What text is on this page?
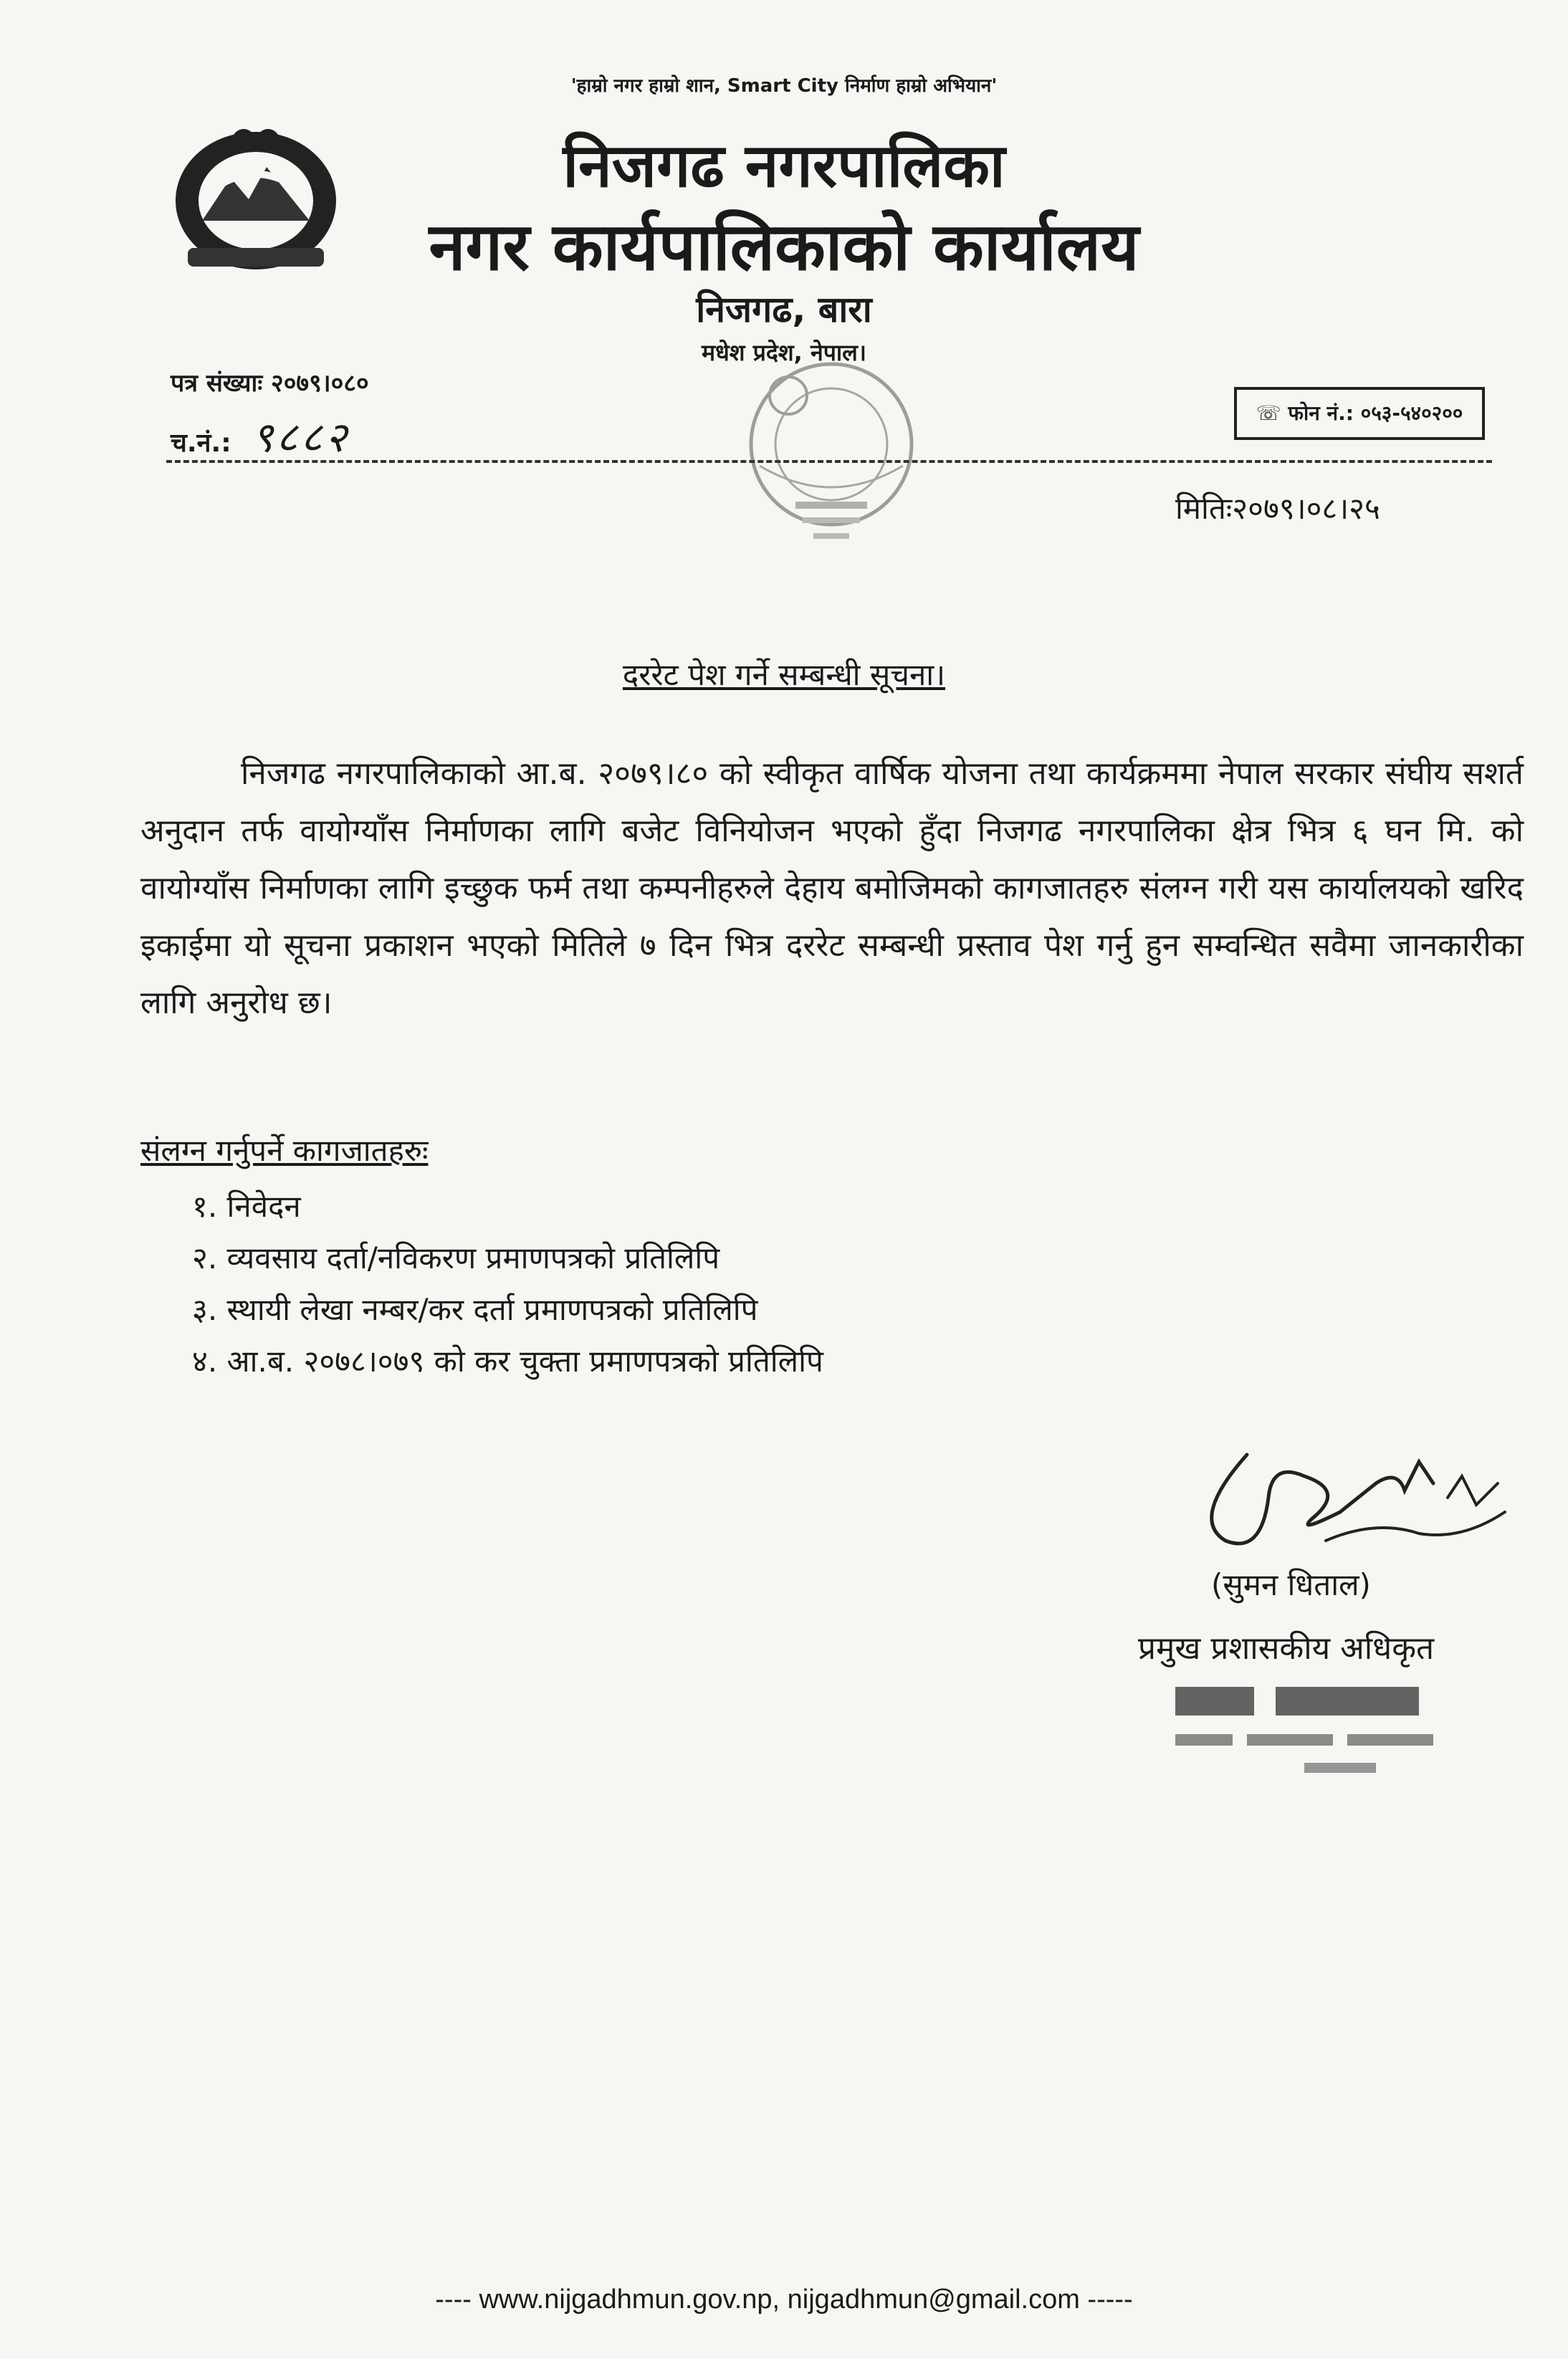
'हाम्रो नगर हाम्रो शान, Smart City निर्माण हाम्रो अभियान'
निजगढ नगरपालिका
नगर कार्यपालिकाको कार्यालय
निजगढ, बारा
मधेश प्रदेश, नेपाल।
पत्र संख्याः २०७९।०८०
च.नं.: ९८८२	☏ फोन नं.: ०५३-५४०२००
मितिः२०७९।०८।२५
दररेट पेश गर्ने सम्बन्धी सूचना।
निजगढ नगरपालिकाको आ.ब. २०७९।८० को स्वीकृत वार्षिक योजना तथा कार्यक्रममा नेपाल सरकार संघीय सशर्त अनुदान तर्फ वायोग्याँस निर्माणका लागि बजेट विनियोजन भएको हुँदा निजगढ नगरपालिका क्षेत्र भित्र ६ घन मि. को वायोग्याँस निर्माणका लागि इच्छुक फर्म तथा कम्पनीहरुले देहाय बमोजिमको कागजातहरु संलग्न गरी यस कार्यालयको खरिद इकाईमा यो सूचना प्रकाशन भएको मितिले ७ दिन भित्र दररेट सम्बन्धी प्रस्ताव पेश गर्नु हुन सम्वन्धित सवैमा जानकारीका लागि अनुरोध छ।
संलग्न गर्नुपर्ने कागजातहरुः
१. निवेदन
२. व्यवसाय दर्ता/नविकरण प्रमाणपत्रको प्रतिलिपि
३. स्थायी लेखा नम्बर/कर दर्ता प्रमाणपत्रको प्रतिलिपि
४. आ.ब. २०७८।०७९ को कर चुक्ता प्रमाणपत्रको प्रतिलिपि
(सुमन धिताल)
प्रमुख प्रशासकीय अधिकृत
---- www.nijgadhmun.gov.np, nijgadhmun@gmail.com -----
